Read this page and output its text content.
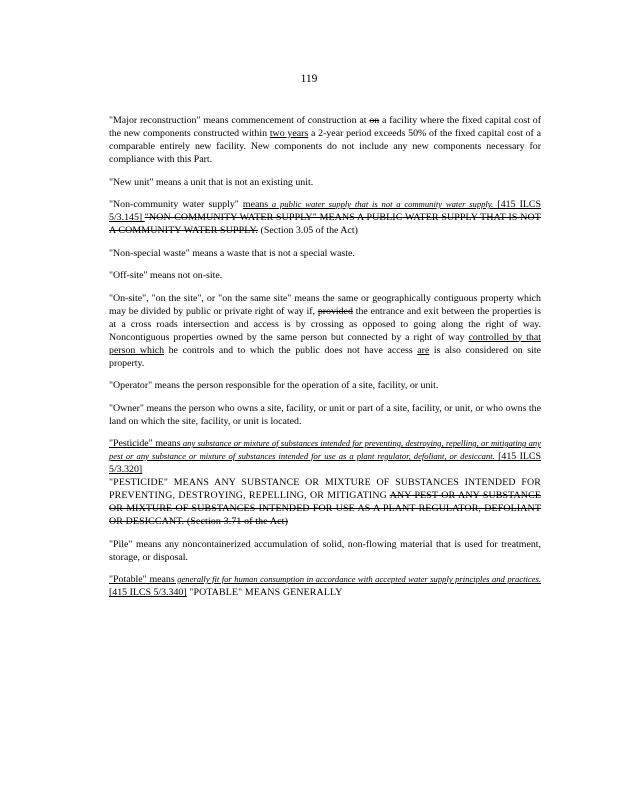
119

"Major reconstruction" means commencement of construction at on a facility where the fixed capital cost of the new components constructed within two years a 2-year period exceeds 50% of the fixed capital cost of a comparable entirely new facility. New components do not include any new components necessary for compliance with this Part.

"New unit" means a unit that is not an existing unit.

"Non-community water supply" means a public water supply that is not a community water supply. [415 ILCS 5/3.145] "NON-COMMUNITY WATER SUPPLY" MEANS A PUBLIC WATER SUPPLY THAT IS NOT A COMMUNITY WATER SUPPLY. (Section 3.05 of the Act)

"Non-special waste" means a waste that is not a special waste.

"Off-site" means not on-site.

"On-site", "on the site", or "on the same site" means the same or geographically contiguous property which may be divided by public or private right of way if, provided the entrance and exit between the properties is at a cross roads intersection and access is by crossing as opposed to going along the right of way. Noncontiguous properties owned by the same person but connected by a right of way controlled by that person which he controls and to which the public does not have access are is also considered on site property.

"Operator" means the person responsible for the operation of a site, facility, or unit.

"Owner" means the person who owns a site, facility, or unit or part of a site, facility, or unit, or who owns the land on which the site, facility, or unit is located.

"Pesticide" means any substance or mixture of substances intended for preventing, destroying, repelling, or mitigating any pest or any substance or mixture of substances intended for use as a plant regulator, defoliant, or desiccant. [415 ILCS 5/3.320]
"PESTICIDE" MEANS ANY SUBSTANCE OR MIXTURE OF SUBSTANCES INTENDED FOR PREVENTING, DESTROYING, REPELLING, OR MITIGATING ANY PEST OR ANY SUBSTANCE OR MIXTURE OF SUBSTANCES INTENDED FOR USE AS A PLANT REGULATOR, DEFOLIANT OR DESICCANT. (Section 3.71 of the Act)

"Pile" means any noncontainerized accumulation of solid, non-flowing material that is used for treatment, storage, or disposal.

"Potable" means generally fit for human consumption in accordance with accepted water supply principles and practices. [415 ILCS 5/3.340] "POTABLE" MEANS GENERALLY
